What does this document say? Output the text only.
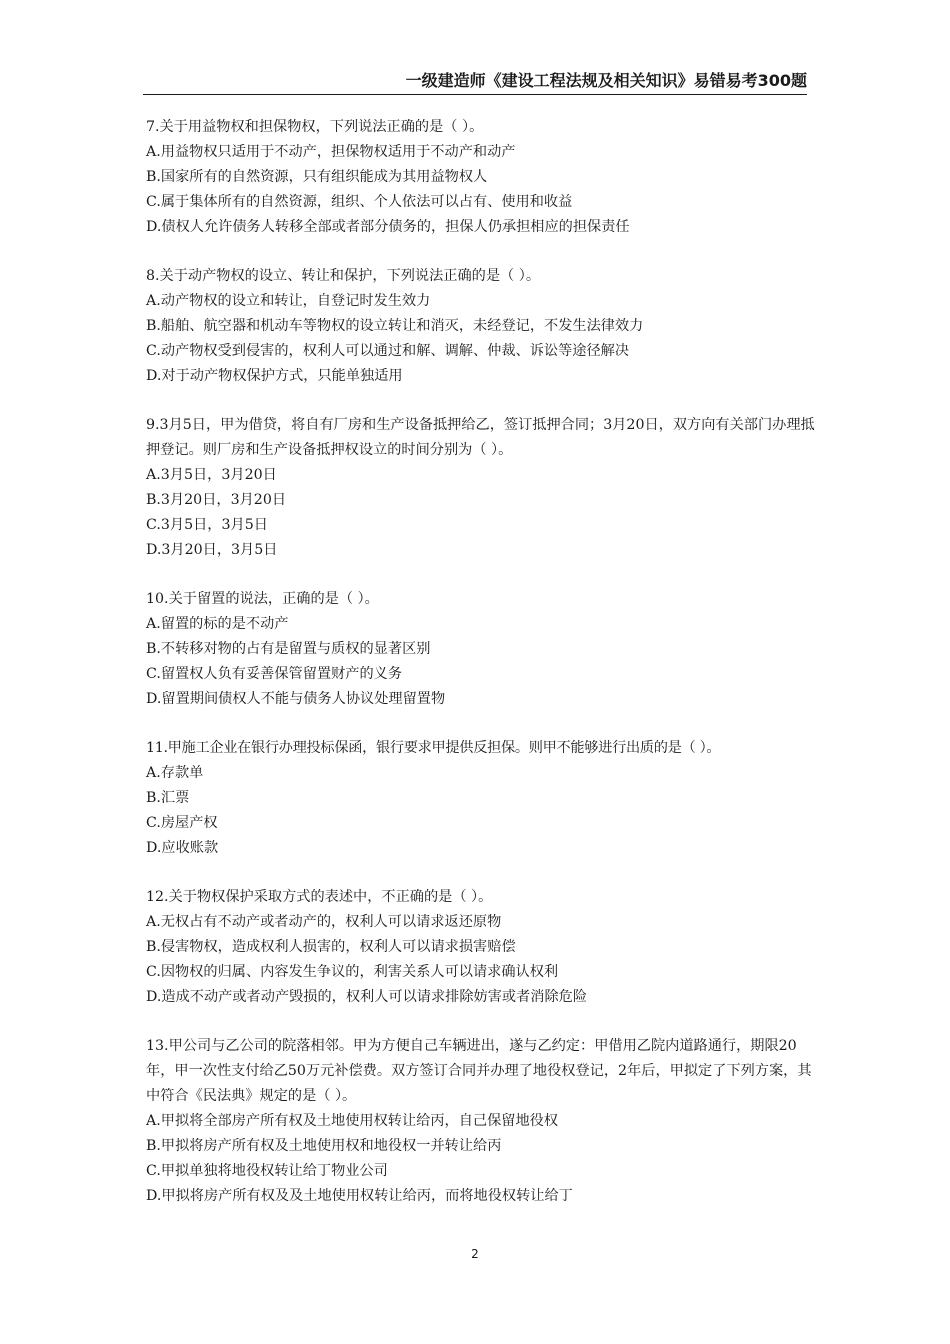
一级建造师《建设工程法规及相关知识》易错易考300题

7.关于用益物权和担保物权，下列说法正确的是（ ）。

A.用益物权只适用于不动产，担保物权适用于不动产和动产

B.国家所有的自然资源，只有组织能成为其用益物权人

C.属于集体所有的自然资源，组织、个人依法可以占有、使用和收益

D.债权人允许债务人转移全部或者部分债务的，担保人仍承担相应的担保责任

8.关于动产物权的设立、转让和保护，下列说法正确的是（ ）。

A.动产物权的设立和转让，自登记时发生效力

B.船舶、航空器和机动车等物权的设立转让和消灭，未经登记，不发生法律效力

C.动产物权受到侵害的，权利人可以通过和解、调解、仲裁、诉讼等途径解决

D.对于动产物权保护方式，只能单独适用

9.3月5日，甲为借贷，将自有厂房和生产设备抵押给乙，签订抵押合同；3月20日，双方向有关部门办理抵押登记。则厂房和生产设备抵押权设立的时间分别为（ ）。

A.3月5日，3月20日

B.3月20日，3月20日

C.3月5日，3月5日

D.3月20日，3月5日

10.关于留置的说法，正确的是（ ）。

A.留置的标的是不动产

B.不转移对物的占有是留置与质权的显著区别

C.留置权人负有妥善保管留置财产的义务

D.留置期间债权人不能与债务人协议处理留置物

11.甲施工企业在银行办理投标保函，银行要求甲提供反担保。则甲不能够进行出质的是（ ）。

A.存款单

B.汇票

C.房屋产权

D.应收账款

12.关于物权保护采取方式的表述中，不正确的是（ ）。

A.无权占有不动产或者动产的，权利人可以请求返还原物

B.侵害物权，造成权利人损害的，权利人可以请求损害赔偿

C.因物权的归属、内容发生争议的，利害关系人可以请求确认权利

D.造成不动产或者动产毁损的，权利人可以请求排除妨害或者消除危险

13.甲公司与乙公司的院落相邻。甲为方便自己车辆进出，遂与乙约定：甲借用乙院内道路通行，期限20年，甲一次性支付给乙50万元补偿费。双方签订合同并办理了地役权登记，2年后，甲拟定了下列方案，其中符合《民法典》规定的是（ ）。

A.甲拟将全部房产所有权及土地使用权转让给丙，自己保留地役权

B.甲拟将房产所有权及土地使用权和地役权一并转让给丙

C.甲拟单独将地役权转让给丁物业公司

D.甲拟将房产所有权及及土地使用权转让给丙，而将地役权转让给丁

2
